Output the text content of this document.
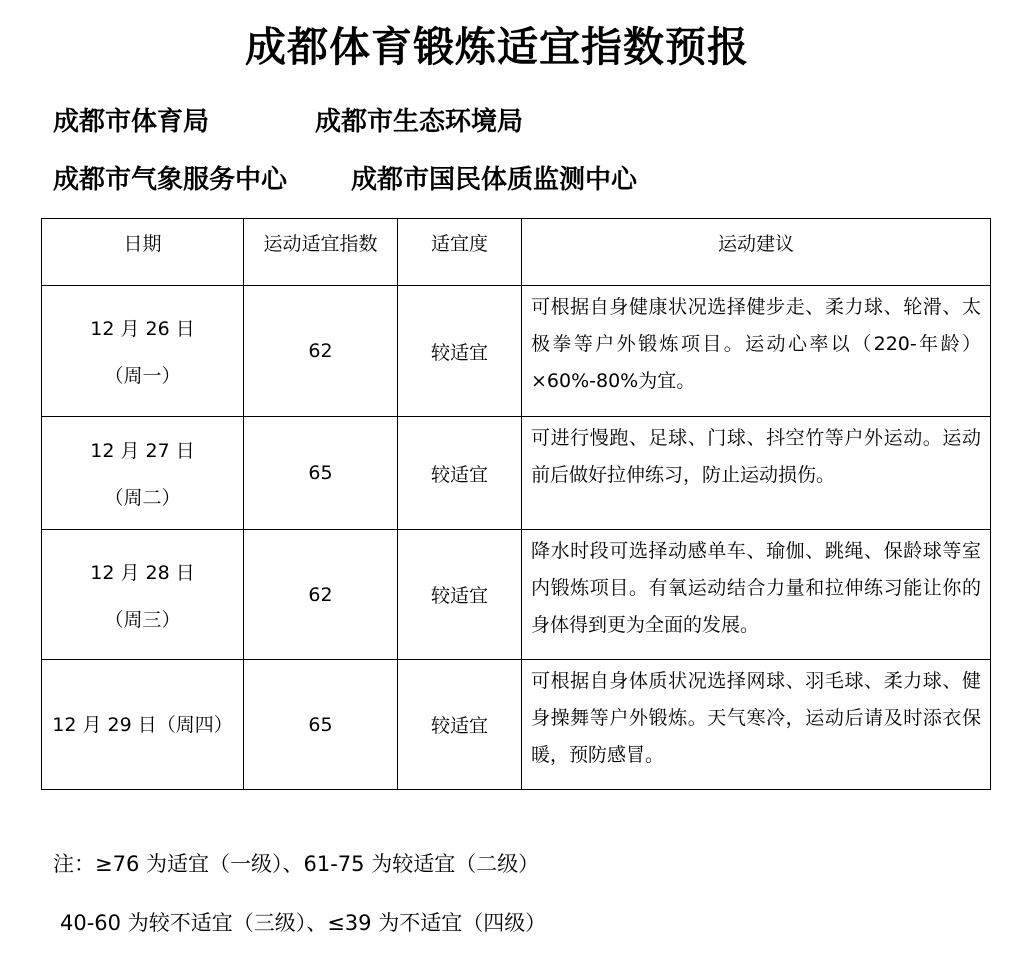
成都体育锻炼适宜指数预报
成都市体育局	成都市生态环境局
成都市气象服务中心 成都市国民体质监测中心
日期	运动适宜指数	适宜度	运动建议

12 月 26 日
（周一）	62	较适宜	可根据自身健康状况选择健步走、柔力球、轮滑、太极拳等户外锻炼项目。运动心率以（220-年龄）×60%-80%为宜。

12 月 27 日
（周二）	65	较适宜	可进行慢跑、足球、门球、抖空竹等户外运动。运动前后做好拉伸练习，防止运动损伤。

12 月 28 日
（周三）	62	较适宜	降水时段可选择动感单车、瑜伽、跳绳、保龄球等室内锻炼项目。有氧运动结合力量和拉伸练习能让你的身体得到更为全面的发展。
12 月 29 日（周四）	65	较适宜	可根据自身体质状况选择网球、羽毛球、柔力球、健身操舞等户外锻炼。天气寒冷，运动后请及时添衣保暖，预防感冒。
注：≥76 为适宜（一级）、61-75 为较适宜（二级）
40-60 为较不适宜（三级）、≤39 为不适宜（四级）
